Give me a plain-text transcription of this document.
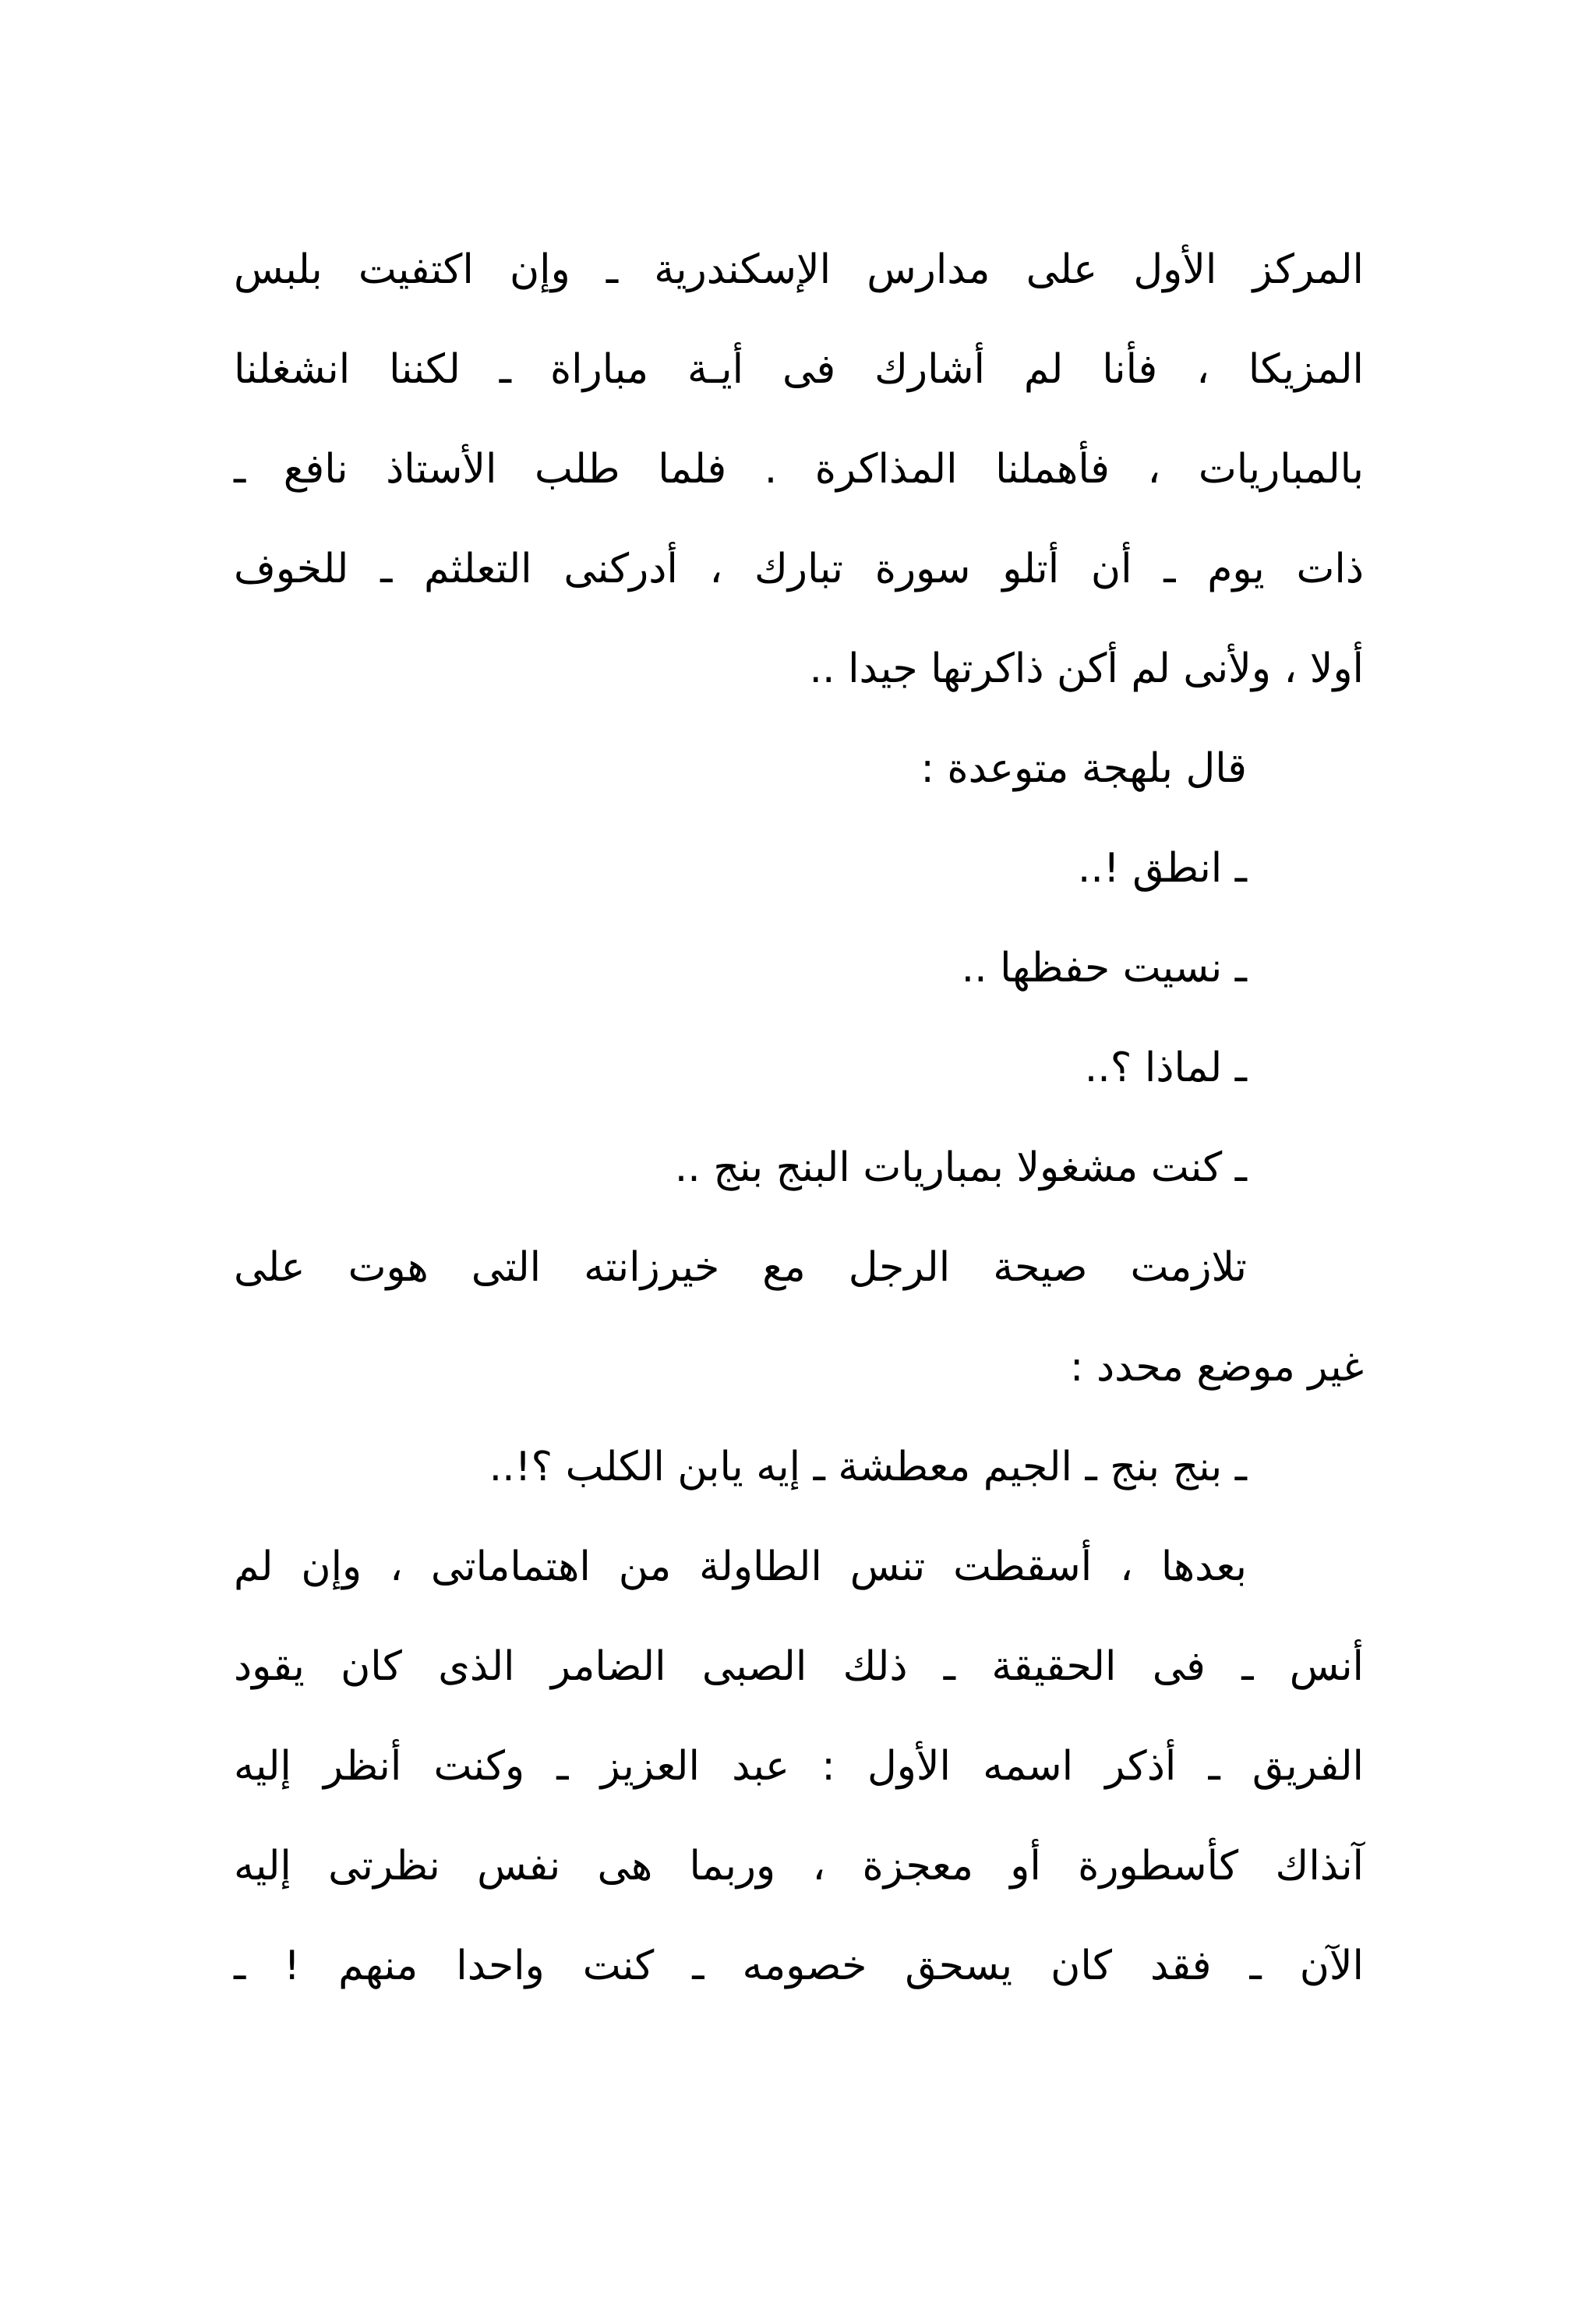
المركز الأول على مدارس الإسكندرية ـ وإن اكتفيت بلبس
المزيكا ، فأنا لم أشارك فى أيـة مباراة ـ لكننا انشغلنا
بالمباريات ، فأهملنا المذاكرة . فلما طلب الأستاذ نافع ـ
ذات يوم ـ أن أتلو سورة تبارك ، أدركنى التعلثم ـ للخوف
أولا ، ولأنى لم أكن ذاكرتها جيدا ..
قال بلهجة متوعدة :
ـ انطق !..
ـ نسيت حفظها ..
ـ لماذا ؟..
ـ كنت مشغولا بمباريات البنج بنج ..
تلازمت صيحة الرجل مع خيرزانته التى هوت على
غير موضع محدد :
ـ بنج بنج ـ الجيم معطشة ـ إيه يابن الكلب ؟!..
بعدها ، أسقطت تنس الطاولة من اهتماماتى ، وإن لم
أنس ـ فى الحقيقة ـ ذلك الصبى الضامر الذى كان يقود
الفريق ـ أذكر اسمه الأول : عبد العزيز ـ وكنت أنظر إليه
آنذاك كأسطورة أو معجزة ، وربما هى نفس نظرتى إليه
الآن ـ فقد كان يسحق خصومه ـ كنت واحدا منهم ! ـ
